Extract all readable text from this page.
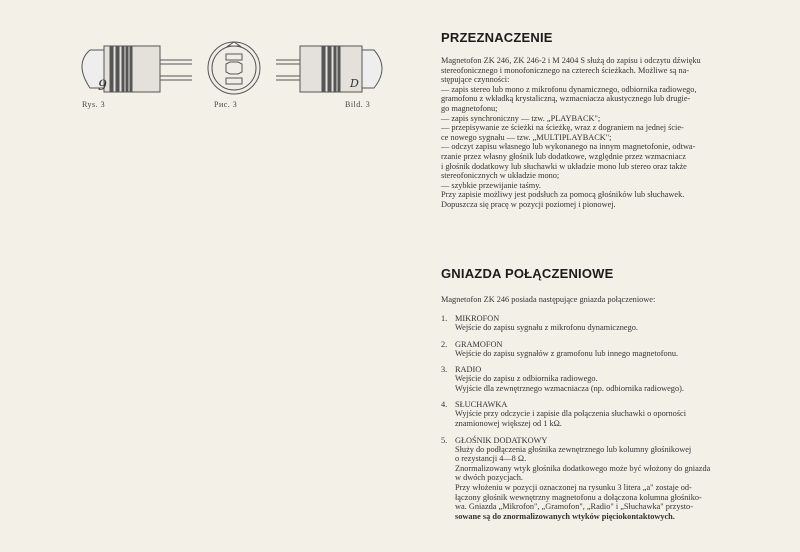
9	D
Rys. 3	Рис. 3	Bild. 3
PRZEZNACZENIE
Magnetofon ZK 246, ZK 246-2 i M 2404 S służą do zapisu i odczytu dźwięku
stereofonicznego i monofonicznego na czterech ścieżkach. Możliwe są na-
stępujące czynności:
— zapis stereo lub mono z mikrofonu dynamicznego, odbiornika radiowego,
gramofonu z wkładką krystaliczną, wzmacniacza akustycznego lub drugie-
go magnetofonu;
— zapis synchroniczny — tzw. „PLAYBACK";
— przepisywanie ze ścieżki na ścieżkę, wraz z dograniem na jednej ście-
ce nowego sygnału — tzw. „MULTIPLAYBACK";
— odczyt zapisu własnego lub wykonanego na innym magnetofonie, odtwa-
rzanie przez własny głośnik lub dodatkowe, względnie przez wzmacniacz
i głośnik dodatkowy lub słuchawki w układzie mono lub stereo oraz także
stereofonicznych w układzie mono;
— szybkie przewijanie taśmy.
Przy zapisie możliwy jest podsłuch za pomocą głośników lub słuchawek.
Dopuszcza się pracę w pozycji poziomej i pionowej.
GNIAZDA POŁĄCZENIOWE
Magnetofon ZK 246 posiada następujące gniazda połączeniowe:
1. MIKROFON
Wejście do zapisu sygnału z mikrofonu dynamicznego.
2. GRAMOFON
Wejście do zapisu sygnałów z gramofonu lub innego magnetofonu.
3. RADIO
Wejście do zapisu z odbiornika radiowego.
Wyjście dla zewnętrznego wzmacniacza (np. odbiornika radiowego).
4. SŁUCHAWKA
Wyjście przy odczycie i zapisie dla połączenia słuchawki o oporności
znamionowej większej od 1 kΩ.
5. GŁOŚNIK DODATKOWY
Służy do podłączenia głośnika zewnętrznego lub kolumny głośnikowej
o rezystancji 4—8 Ω.
Znormalizowany wtyk głośnika dodatkowego może być włożony do gniazda
w dwóch pozycjach.
Przy włożeniu w pozycji oznaczonej na rysunku 3 litera „a" zostaje od-
łączony głośnik wewnętrzny magnetofonu a dołączona kolumna głośniko-
wa. Gniazda „Mikrofon", „Gramofon", „Radio" i „Słuchawka" przysto-
sowane są do znormalizowanych wtyków pięciokontaktowych.
